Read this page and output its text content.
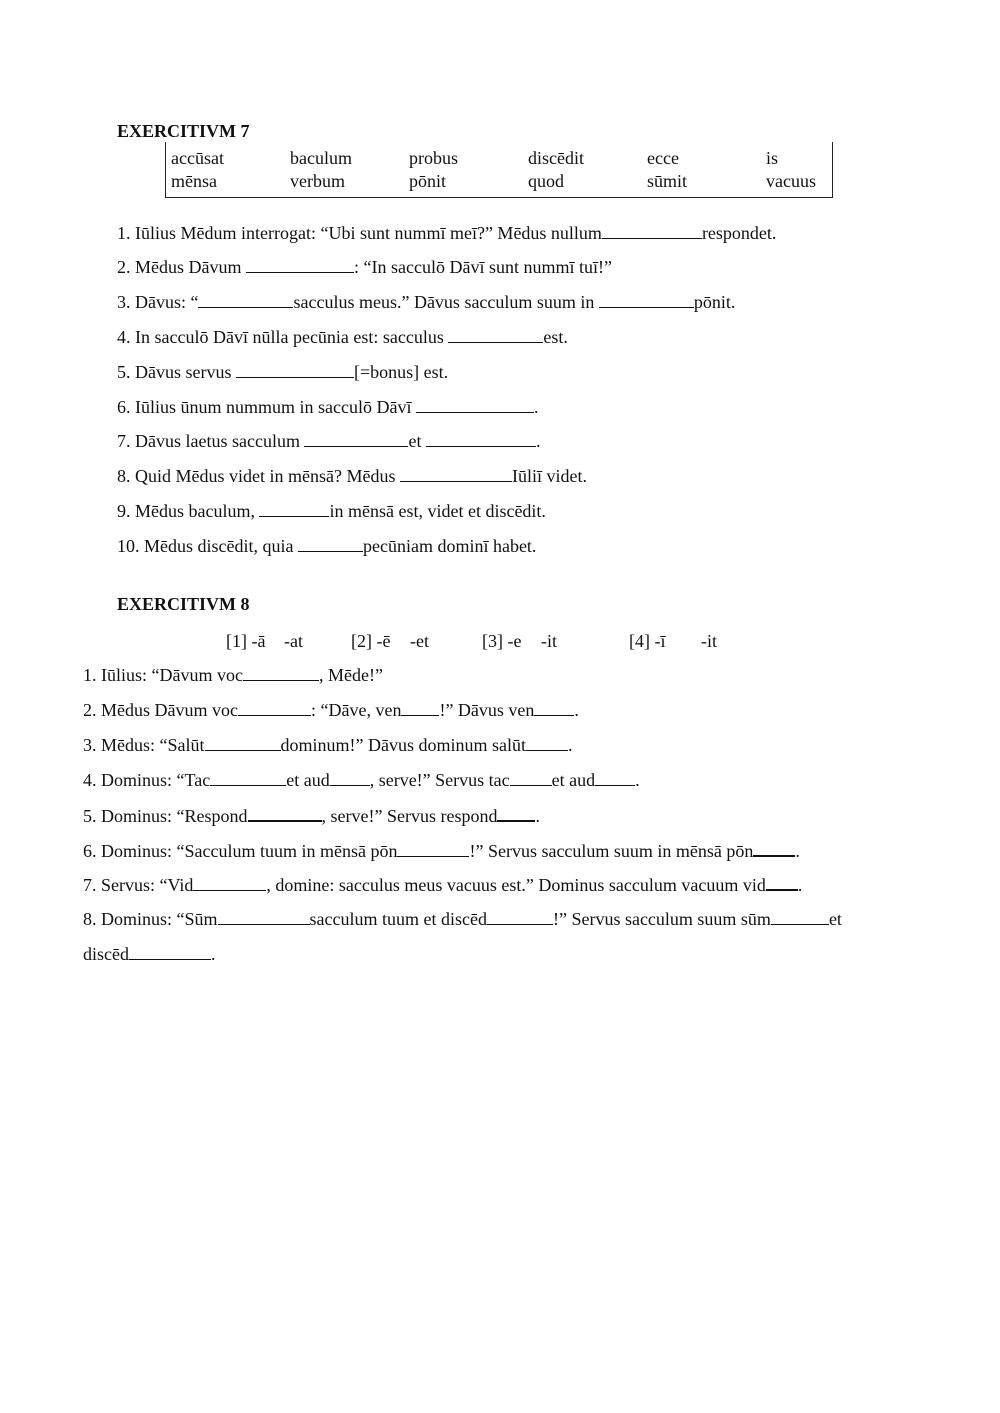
EXERCITIVM 7
accūsat	baculum	probus	discēdit	ecce	is
mēnsa	verbum	pōnit	quod	sūmit	vacuus
1. Iūlius Mēdum interrogat: “Ubi sunt nummī meī?” Mēdus nullum	respondet.
2. Mēdus Dāvum	: “In sacculō Dāvī sunt nummī tuī!”
3. Dāvus: “	sacculus meus.” Dāvus sacculum suum in	pōnit.
4. In sacculō Dāvī nūlla pecūnia est: sacculus	est.
5. Dāvus servus	[=bonus] est.
6. Iūlius ūnum nummum in sacculō Dāvī	.
7. Dāvus laetus sacculum	et	.
8. Quid Mēdus videt in mēnsā? Mēdus	Iūliī videt.
9. Mēdus baculum,	in mēnsā est, videt et discēdit.
10. Mēdus discēdit, quia	pecūniam dominī habet.
EXERCITIVM 8
[1] -ā -at	[2] -ē -et	[3] -e -it	[4] -ī -it
1. Iūlius: “Dāvum voc	, Mēde!”
2. Mēdus Dāvum voc	: “Dāve, ven !” Dāvus ven .
3. Mēdus: “Salūt	dominum!” Dāvus dominum salūt .
4. Dominus: “Tac	et aud , serve!” Servus tac et aud .
5. Dominus: “Respond	, serve!” Servus respond .
6. Dominus: “Sacculum tuum in mēnsā pōn	!” Servus sacculum suum in mēnsā pōn .
7. Servus: “Vid	, domine: sacculus meus vacuus est.” Dominus sacculum vacuum vid .
8. Dominus: “Sūm	sacculum tuum et discēd	!” Servus sacculum suum sūm	et
discēd	.
